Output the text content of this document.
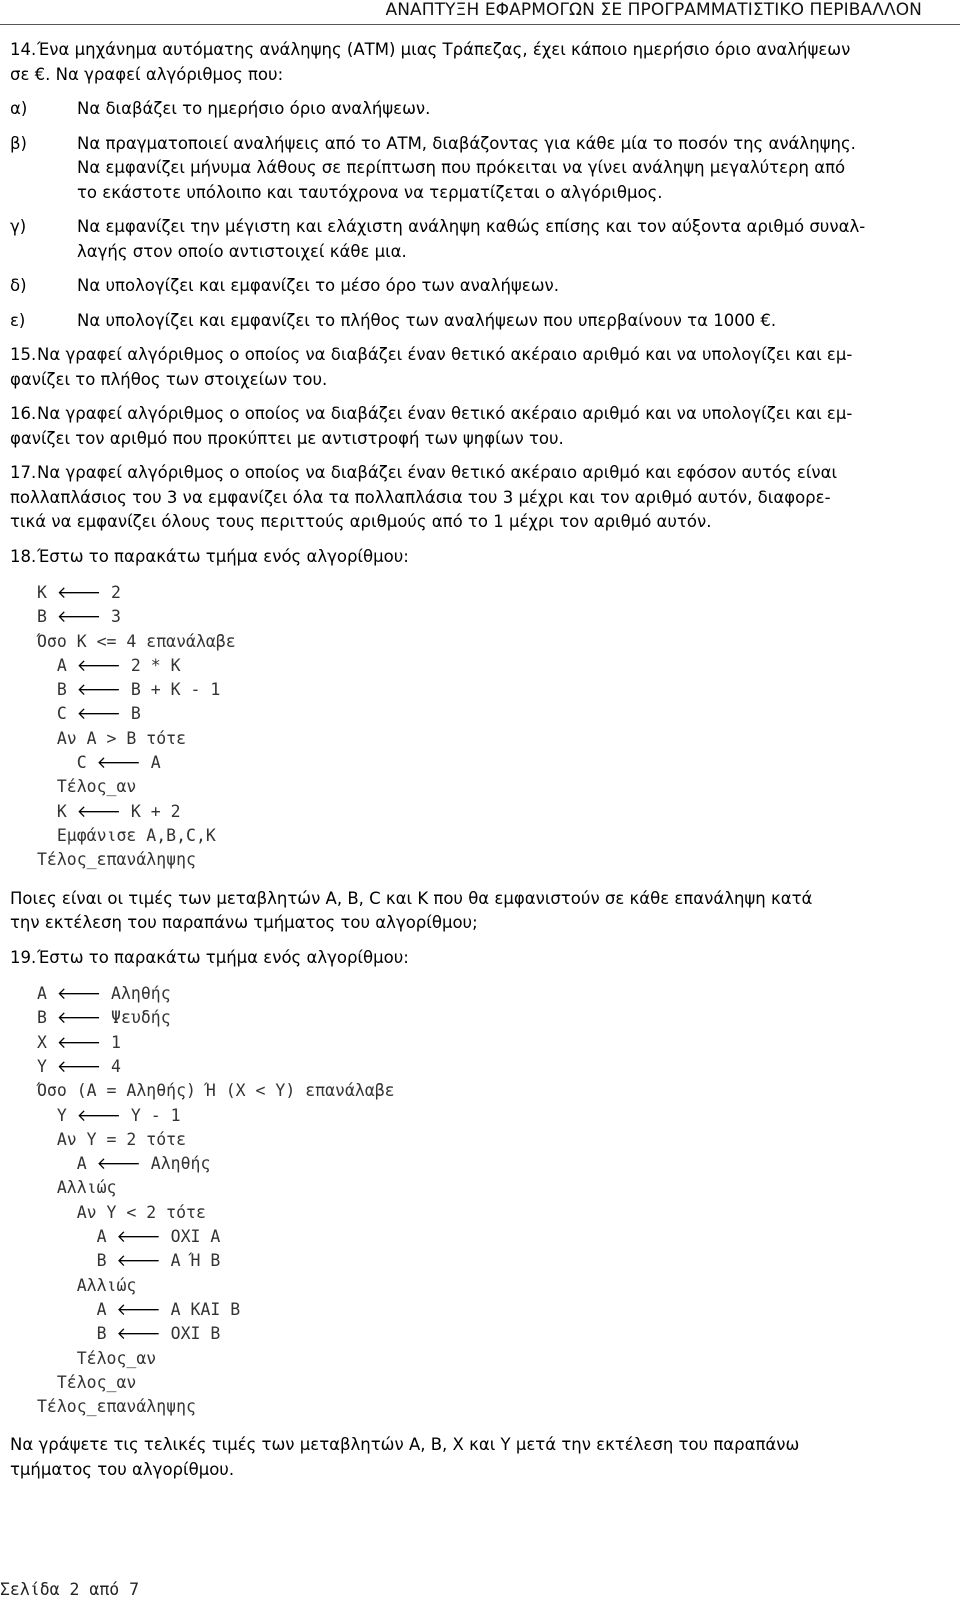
ΑΝΑΠΤΥΞΗ ΕΦΑΡΜΟΓΩΝ ΣΕ ΠΡΟΓΡΑΜΜΑΤΙΣΤΙΚΟ ΠΕΡΙΒΑΛΛΟΝ
14. Ένα μηχάνημα αυτόματης ανάληψης (ΑΤΜ) μιας Τράπεζας, έχει κάποιο ημερήσιο όριο αναλήψεων
σε €. Να γραφεί αλγόριθμος που:
α)	Να διαβάζει το ημερήσιο όριο αναλήψεων.
β)	Να πραγματοποιεί αναλήψεις από το ΑΤΜ, διαβάζοντας για κάθε μία το ποσόν της ανάληψης.
Να εμφανίζει μήνυμα λάθους σε περίπτωση που πρόκειται να γίνει ανάληψη μεγαλύτερη από
το εκάστοτε υπόλοιπο και ταυτόχρονα να τερματίζεται ο αλγόριθμος.
γ)	Να εμφανίζει την μέγιστη και ελάχιστη ανάληψη καθώς επίσης και τον αύξοντα αριθμό συναλ-
λαγής στον οποίο αντιστοιχεί κάθε μια.
δ)	Να υπολογίζει και εμφανίζει το μέσο όρο των αναλήψεων.
ε)	Να υπολογίζει και εμφανίζει το πλήθος των αναλήψεων που υπερβαίνουν τα 1000 €.
15. Να γραφεί αλγόριθμος ο οποίος να διαβάζει έναν θετικό ακέραιο αριθμό και να υπολογίζει και εμ-
φανίζει το πλήθος των στοιχείων του.
16. Να γραφεί αλγόριθμος ο οποίος να διαβάζει έναν θετικό ακέραιο αριθμό και να υπολογίζει και εμ-
φανίζει τον αριθμό που προκύπτει με αντιστροφή των ψηφίων του.
17. Να γραφεί αλγόριθμος ο οποίος να διαβάζει έναν θετικό ακέραιο αριθμό και εφόσον αυτός είναι
πολλαπλάσιος του 3 να εμφανίζει όλα τα πολλαπλάσια του 3 μέχρι και τον αριθμό αυτόν, διαφορε-
τικά να εμφανίζει όλους τους περιττούς αριθμούς από το 1 μέχρι τον αριθμό αυτόν.
18. Έστω το παρακάτω τμήμα ενός αλγορίθμου:
Κ 🡐 2
Β 🡐 3
Όσο Κ <= 4 επανάλαβε
Α 🡐 2 * Κ
Β 🡐 Β + Κ - 1
C 🡐 Β
Αν Α > Β τότε
C 🡐 Α
Τέλος_αν
Κ 🡐 Κ + 2
Εμφάνισε Α,Β,C,Κ
Τέλος_επανάληψης
Ποιες είναι οι τιμές των μεταβλητών Α, Β, C και Κ που θα εμφανιστούν σε κάθε επανάληψη κατά
την εκτέλεση του παραπάνω τμήματος του αλγορίθμου;
19. Έστω το παρακάτω τμήμα ενός αλγορίθμου:
Α 🡐 Αληθής
Β 🡐 Ψευδής
Χ 🡐 1
Υ 🡐 4
Όσο (Α = Αληθής) Ή (Χ < Υ) επανάλαβε
Υ 🡐 Υ - 1
Αν Υ = 2 τότε
Α 🡐 Αληθής
Αλλιώς
Αν Υ < 2 τότε
Α 🡐 ΟΧΙ Α
Β 🡐 Α Ή Β
Αλλιώς
Α 🡐 Α ΚΑΙ Β
Β 🡐 ΟΧΙ Β
Τέλος_αν
Τέλος_αν
Τέλος_επανάληψης
Να γράψετε τις τελικές τιμές των μεταβλητών Α, Β, Χ και Υ μετά την εκτέλεση του παραπάνω
τμήματος του αλγορίθμου.
Σελίδα 2 από 7
